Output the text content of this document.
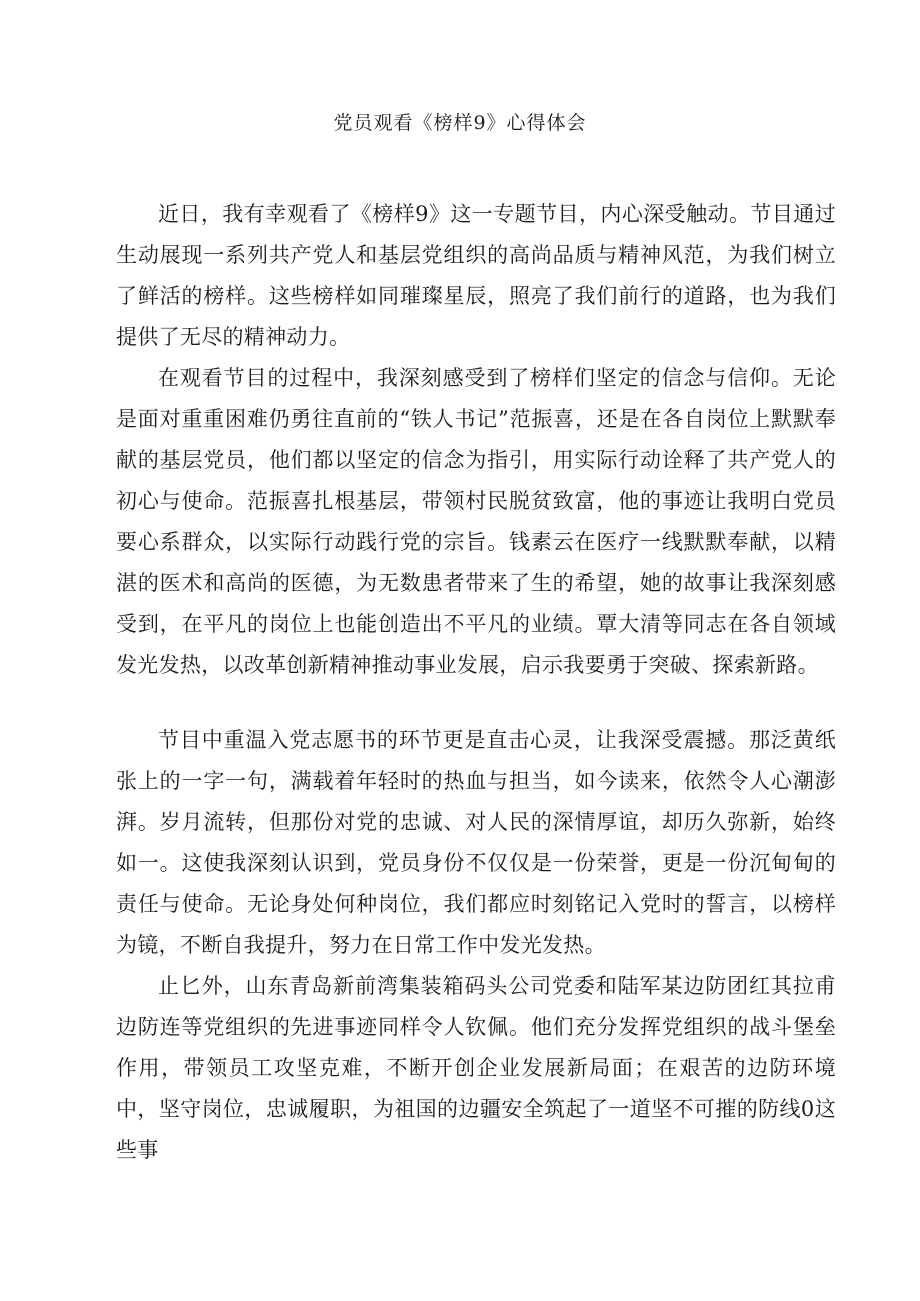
党员观看《榜样9》心得体会

近日，我有幸观看了《榜样9》这一专题节目，内心深受触动。节目通过生动展现一系列共产党人和基层党组织的高尚品质与精神风范，为我们树立了鲜活的榜样。这些榜样如同璀璨星辰，照亮了我们前行的道路，也为我们提供了无尽的精神动力。

在观看节目的过程中，我深刻感受到了榜样们坚定的信念与信仰。无论是面对重重困难仍勇往直前的“铁人书记”范振喜，还是在各自岗位上默默奉献的基层党员，他们都以坚定的信念为指引，用实际行动诠释了共产党人的初心与使命。范振喜扎根基层，带领村民脱贫致富，他的事迹让我明白党员要心系群众，以实际行动践行党的宗旨。钱素云在医疗一线默默奉献，以精湛的医术和高尚的医德，为无数患者带来了生的希望，她的故事让我深刻感受到，在平凡的岗位上也能创造出不平凡的业绩。覃大清等同志在各自领域发光发热，以改革创新精神推动事业发展，启示我要勇于突破、探索新路。

节目中重温入党志愿书的环节更是直击心灵，让我深受震撼。那泛黄纸张上的一字一句，满载着年轻时的热血与担当，如今读来，依然令人心潮澎湃。岁月流转，但那份对党的忠诚、对人民的深情厚谊，却历久弥新，始终如一。这使我深刻认识到，党员身份不仅仅是一份荣誉，更是一份沉甸甸的责任与使命。无论身处何种岗位，我们都应时刻铭记入党时的誓言，以榜样为镜，不断自我提升，努力在日常工作中发光发热。

止匕外，山东青岛新前湾集装箱码头公司党委和陆军某边防团红其拉甫边防连等党组织的先进事迹同样令人钦佩。他们充分发挥党组织的战斗堡垒作用，带领员工攻坚克难，不断开创企业发展新局面；在艰苦的边防环境中，坚守岗位，忠诚履职，为祖国的边疆安全筑起了一道坚不可摧的防线0这些事
